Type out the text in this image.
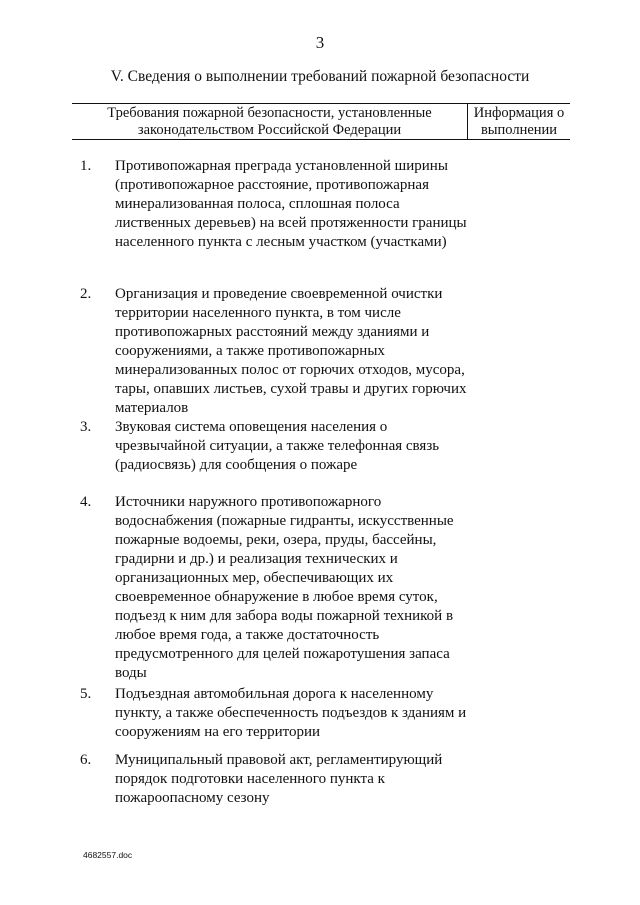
3
V. Сведения о выполнении требований пожарной безопасности
Требования пожарной безопасности, установленные законодательством Российской Федерации
Информация о выполнении
1. Противопожарная преграда установленной ширины (противопожарное расстояние, противопожарная минерализованная полоса, сплошная полоса лиственных деревьев) на всей протяженности границы населенного пункта с лесным участком (участками)
2. Организация и проведение своевременной очистки территории населенного пункта, в том числе противопожарных расстояний между зданиями и сооружениями, а также противопожарных минерализованных полос от горючих отходов, мусора, тары, опавших листьев, сухой травы и других горючих материалов
3. Звуковая система оповещения населения о чрезвычайной ситуации, а также телефонная связь (радиосвязь) для сообщения о пожаре
4. Источники наружного противопожарного водоснабжения (пожарные гидранты, искусственные пожарные водоемы, реки, озера, пруды, бассейны, градирни и др.) и реализация технических и организационных мер, обеспечивающих их своевременное обнаружение в любое время суток, подъезд к ним для забора воды пожарной техникой в любое время года, а также достаточность предусмотренного для целей пожаротушения запаса воды
5. Подъездная автомобильная дорога к населенному пункту, а также обеспеченность подъездов к зданиям и сооружениям на его территории
6. Муниципальный правовой акт, регламентирующий порядок подготовки населенного пункта к пожароопасному сезону
4682557.doc
